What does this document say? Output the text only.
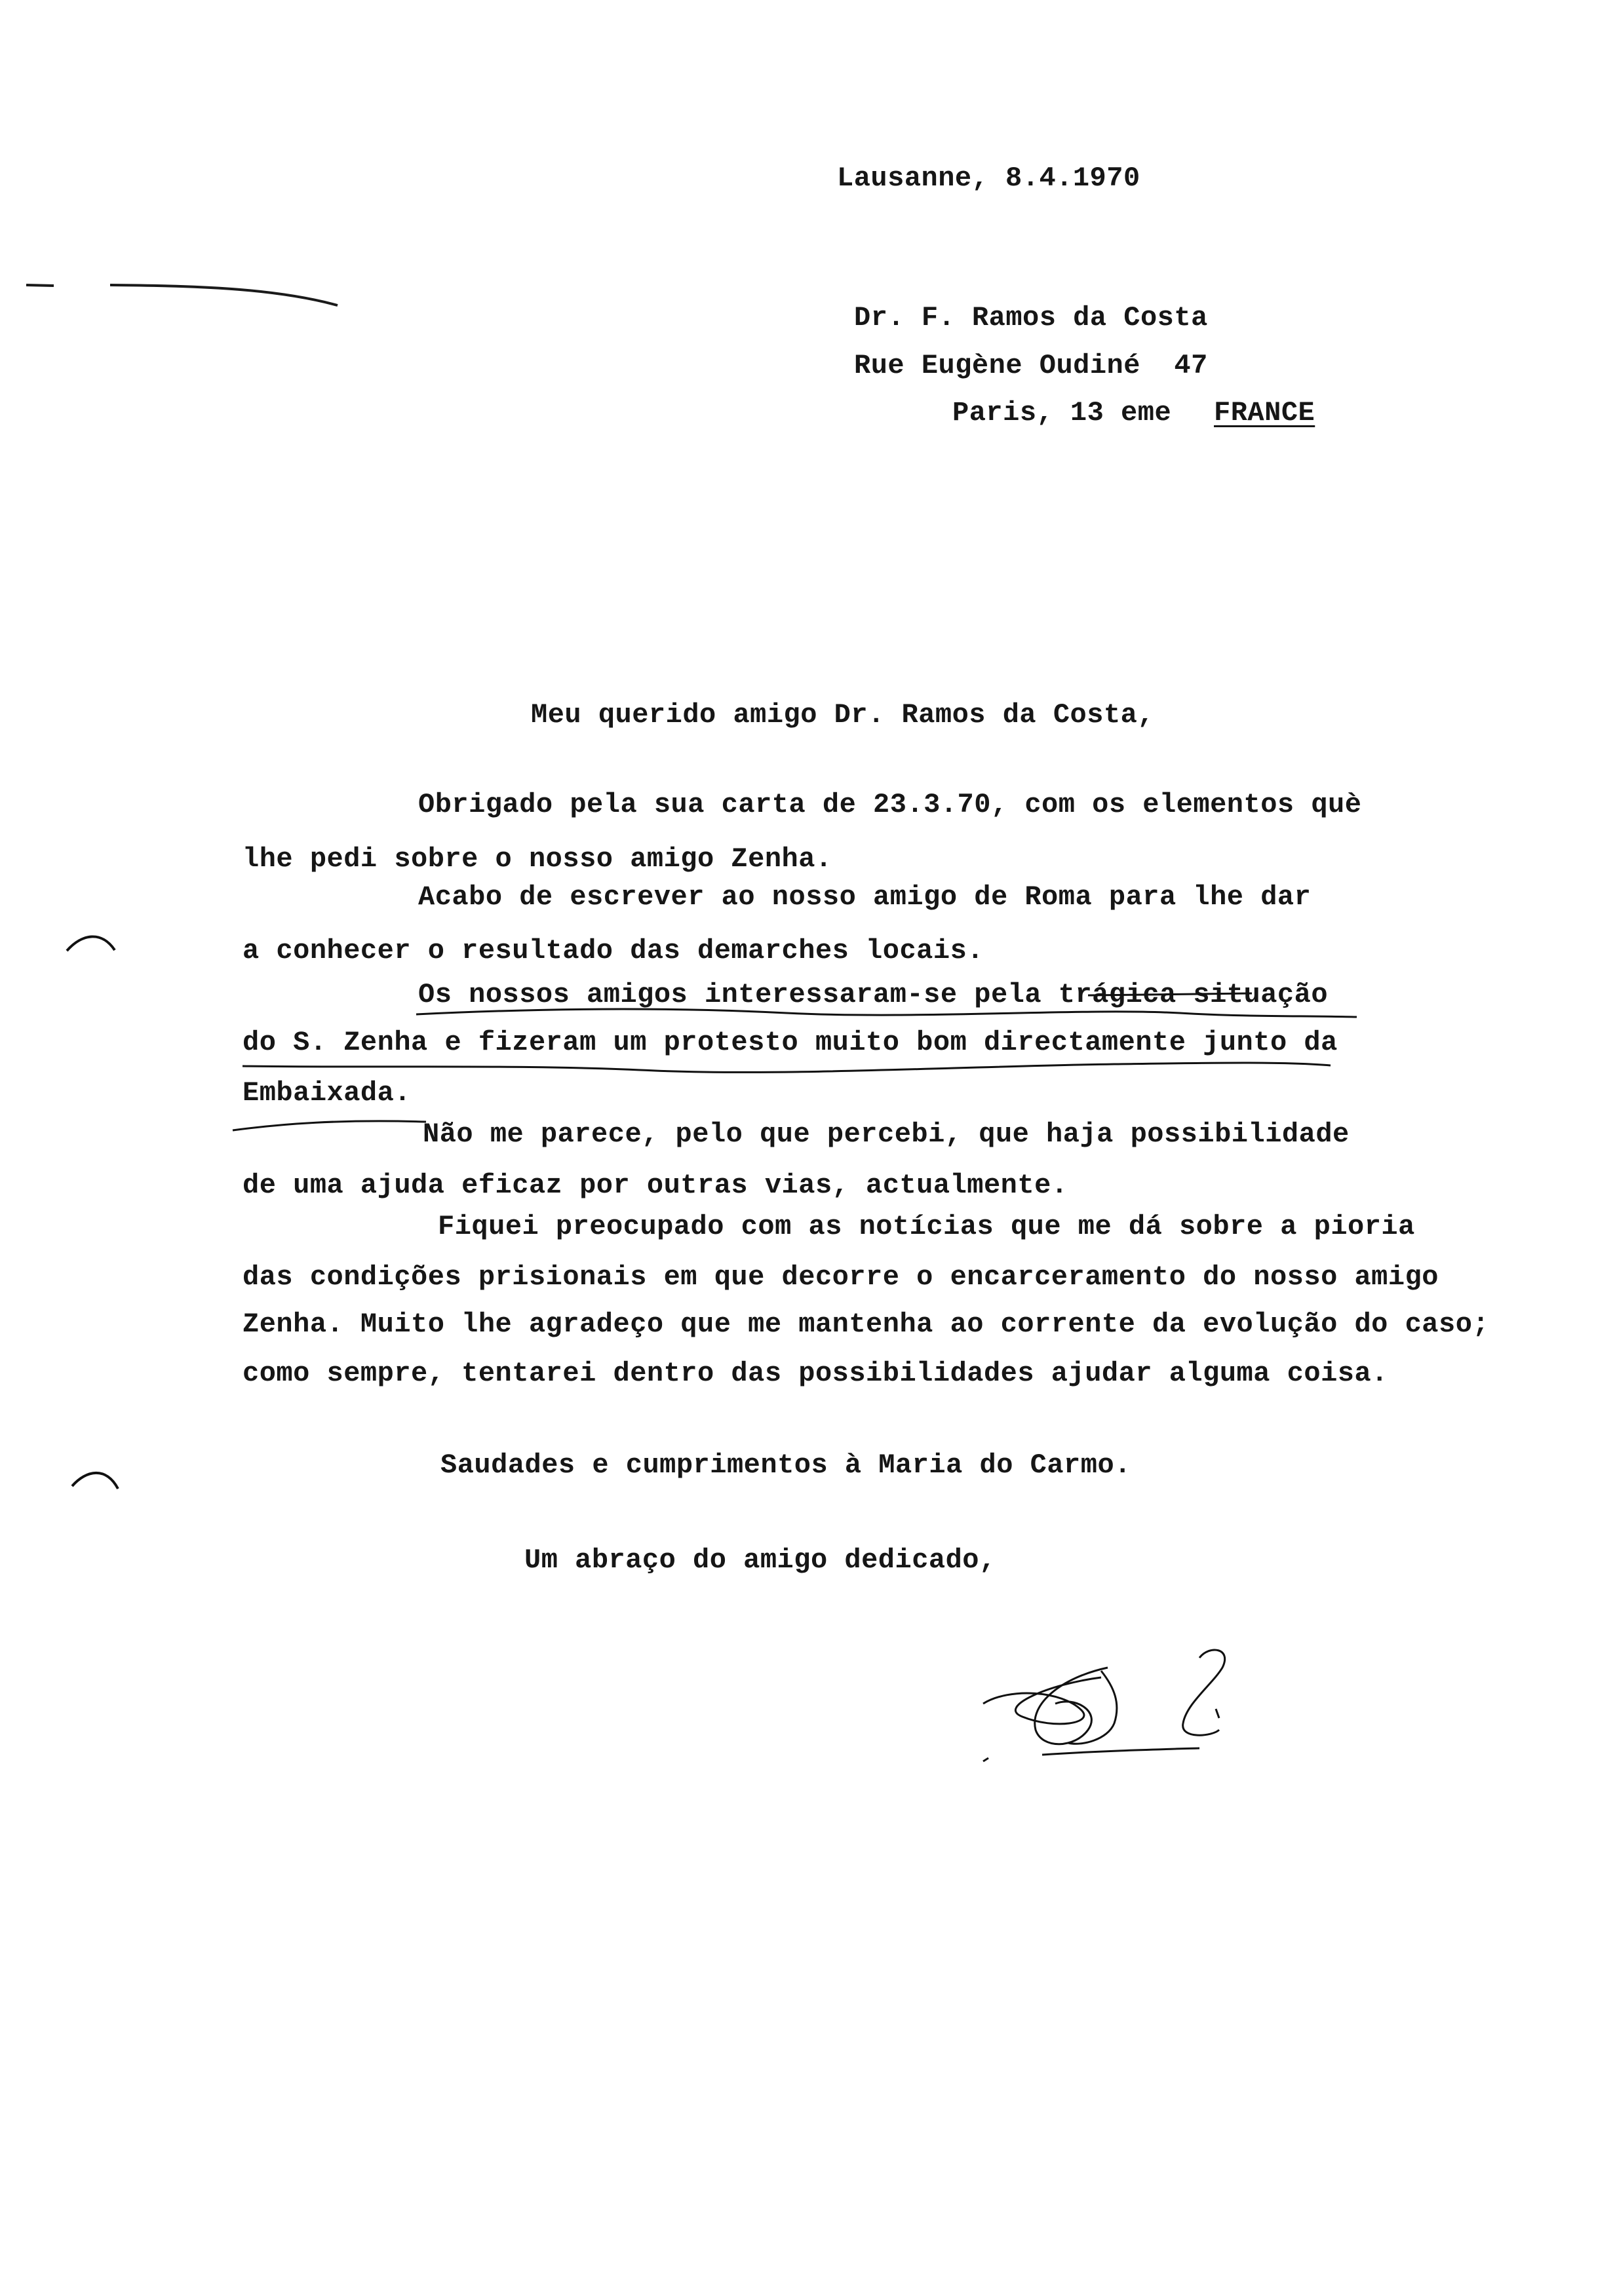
Lausanne, 8.4.1970
Dr. F. Ramos da Costa
Rue Eugène Oudiné  47
Paris, 13 eme FRANCE
Meu querido amigo Dr. Ramos da Costa,
Obrigado pela sua carta de 23.3.70, com os elementos què
lhe pedi sobre o nosso amigo Zenha.
Acabo de escrever ao nosso amigo de Roma para lhe dar
a conhecer o resultado das demarches locais.
Os nossos amigos interessaram-se pela trágica situação
do S. Zenha e fizeram um protesto muito bom directamente junto da
Embaixada.
Não me parece, pelo que percebi, que haja possibilidade
de uma ajuda eficaz por outras vias, actualmente.
Fiquei preocupado com as notícias que me dá sobre a pioria
das condições prisionais em que decorre o encarceramento do nosso amigo
Zenha. Muito lhe agradeço que me mantenha ao corrente da evolução do caso;
como sempre, tentarei dentro das possibilidades ajudar alguma coisa.
Saudades e cumprimentos à Maria do Carmo.
Um abraço do amigo dedicado,
